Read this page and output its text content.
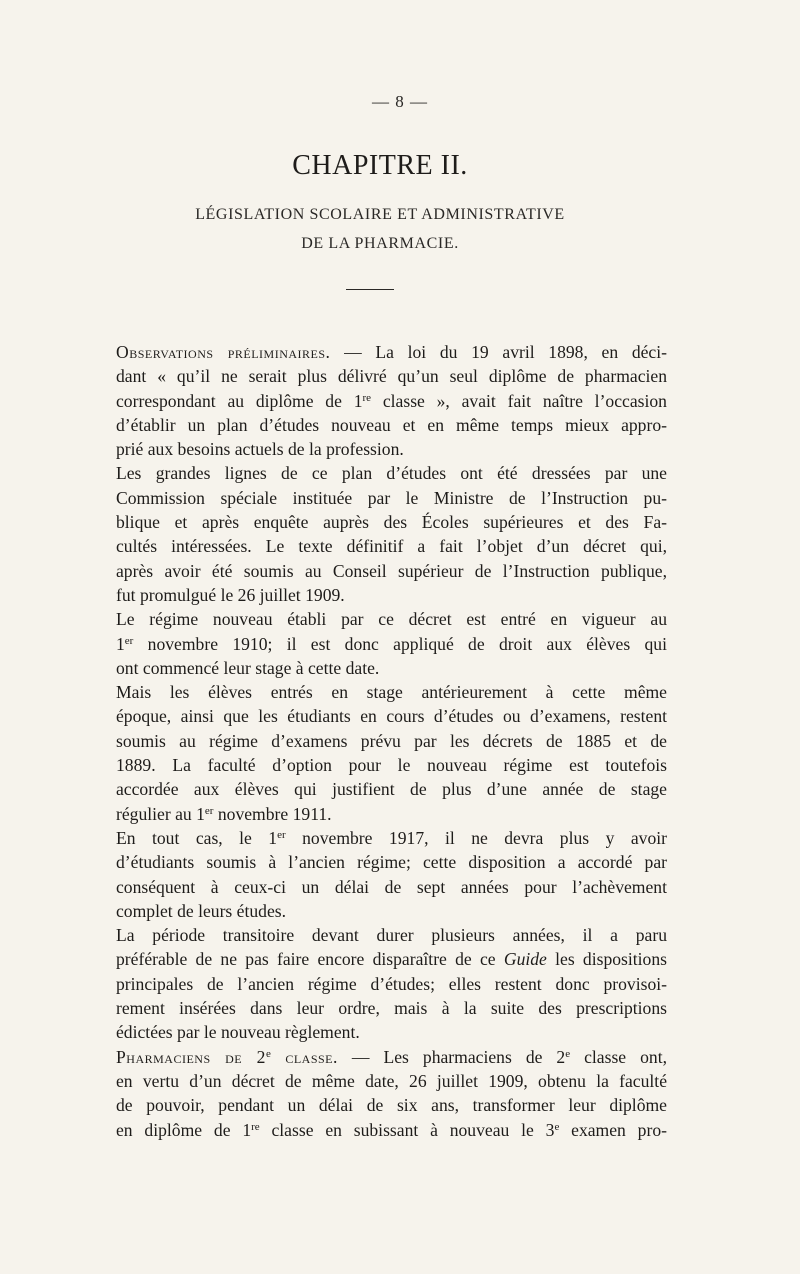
— 8 —
CHAPITRE II.
LÉGISLATION SCOLAIRE ET ADMINISTRATIVE
DE LA PHARMACIE.

Observations préliminaires. — La loi du 19 avril 1898, en déci-
dant « qu’il ne serait plus délivré qu’un seul diplôme de pharmacien
correspondant au diplôme de 1re classe », avait fait naître l’occasion
d’établir un plan d’études nouveau et en même temps mieux appro-
prié aux besoins actuels de la profession.

Les grandes lignes de ce plan d’études ont été dressées par une
Commission spéciale instituée par le Ministre de l’Instruction pu-
blique et après enquête auprès des Écoles supérieures et des Fa-
cultés intéressées. Le texte définitif a fait l’objet d’un décret qui,
après avoir été soumis au Conseil supérieur de l’Instruction publique,
fut promulgué le 26 juillet 1909.

Le régime nouveau établi par ce décret est entré en vigueur au
1er novembre 1910; il est donc appliqué de droit aux élèves qui
ont commencé leur stage à cette date.

Mais les élèves entrés en stage antérieurement à cette même
époque, ainsi que les étudiants en cours d’études ou d’examens, restent
soumis au régime d’examens prévu par les décrets de 1885 et de
1889. La faculté d’option pour le nouveau régime est toutefois
accordée aux élèves qui justifient de plus d’une année de stage
régulier au 1er novembre 1911.

En tout cas, le 1er novembre 1917, il ne devra plus y avoir
d’étudiants soumis à l’ancien régime; cette disposition a accordé par
conséquent à ceux-ci un délai de sept années pour l’achèvement
complet de leurs études.

La période transitoire devant durer plusieurs années, il a paru
préférable de ne pas faire encore disparaître de ce Guide les dispositions
principales de l’ancien régime d’études; elles restent donc provisoi-
rement insérées dans leur ordre, mais à la suite des prescriptions
édictées par le nouveau règlement.

Pharmaciens de 2e classe. — Les pharmaciens de 2e classe ont,
en vertu d’un décret de même date, 26 juillet 1909, obtenu la faculté
de pouvoir, pendant un délai de six ans, transformer leur diplôme
en diplôme de 1re classe en subissant à nouveau le 3e examen pro-
